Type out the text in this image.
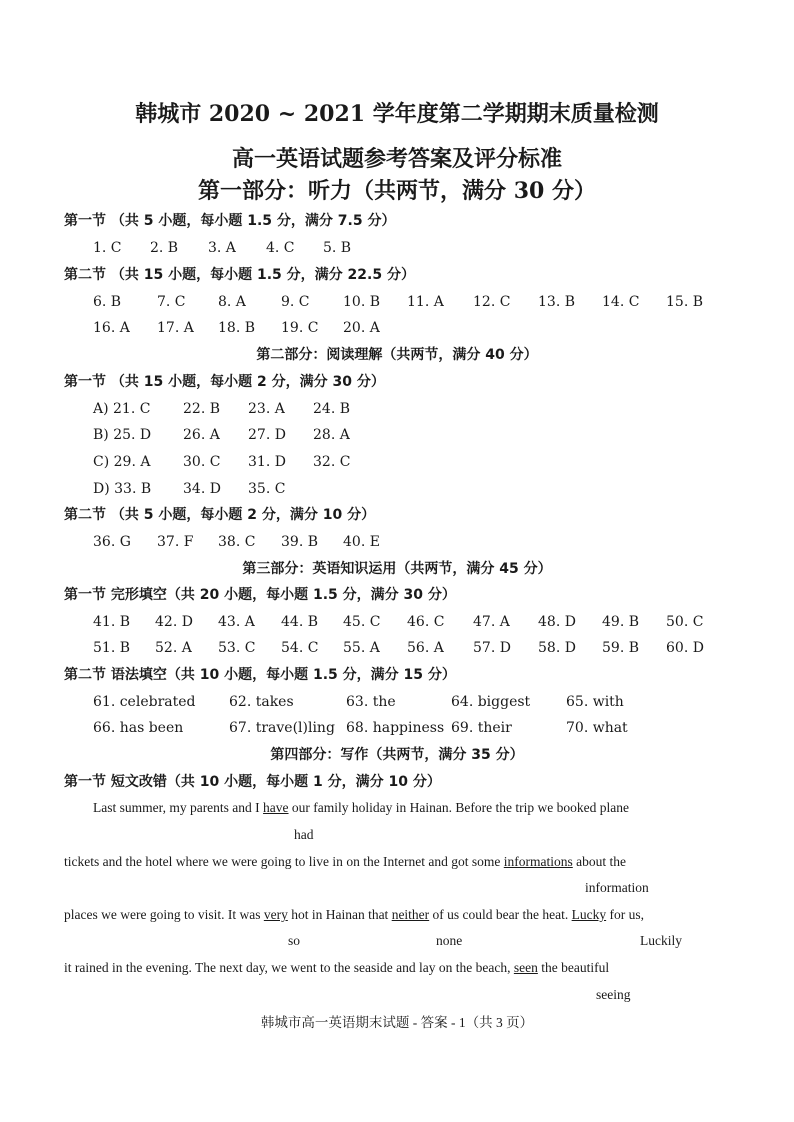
韩城市 2020 ~ 2021 学年度第二学期期末质量检测
高一英语试题参考答案及评分标准
第一部分：听力（共两节，满分 30 分）
第一节 （共 5 小题，每小题 1.5 分，满分 7.5 分）
1. C 2. B 3. A 4. C 5. B
第二节 （共 15 小题，每小题 1.5 分，满分 22.5 分）
6. B	7. C 8. A	9. C 10. B 11. A 12. C 13. B 14. C 15. B
16. A 17. A 18. B 19. C 20. A
第二部分：阅读理解（共两节，满分 40 分）
第一节 （共 15 小题，每小题 2 分，满分 30 分）
A) 21. C 22. B 23. A 24. B
B) 25. D 26. A 27. D 28. A
C) 29. A 30. C 31. D 32. C
D) 33. B 34. D 35. C
第二节 （共 5 小题，每小题 2 分，满分 10 分）
36. G 37. F 38. C 39. B 40. E
第三部分：英语知识运用（共两节，满分 45 分）
第一节 完形填空（共 20 小题，每小题 1.5 分，满分 30 分）
41. B 42. D 43. A 44. B 45. C 46. C 47. A 48. D 49. B 50. C
51. B 52. A 53. C 54. C 55. A 56. A 57. D 58. D 59. B 60. D
第二节 语法填空（共 10 小题，每小题 1.5 分，满分 15 分）
61. celebrated 62. takes	63. the	64. biggest	65. with
66. has been	67. trave(l)ling 68. happiness 69. their	70. what
第四部分：写作（共两节，满分 35 分）
第一节 短文改错（共 10 小题，每小题 1 分，满分 10 分）
Last summer, my parents and I have our family holiday in Hainan. Before the trip we booked plane
had
tickets and the hotel where we were going to live in on the Internet and got some informations about the
information
places we were going to visit. It was very hot in Hainan that neither of us could bear the heat. Lucky for us,
so	none	Luckily
it rained in the evening. The next day, we went to the seaside and lay on the beach, seen the beautiful
seeing
韩城市高一英语期末试题 - 答案 - 1（共 3 页）
